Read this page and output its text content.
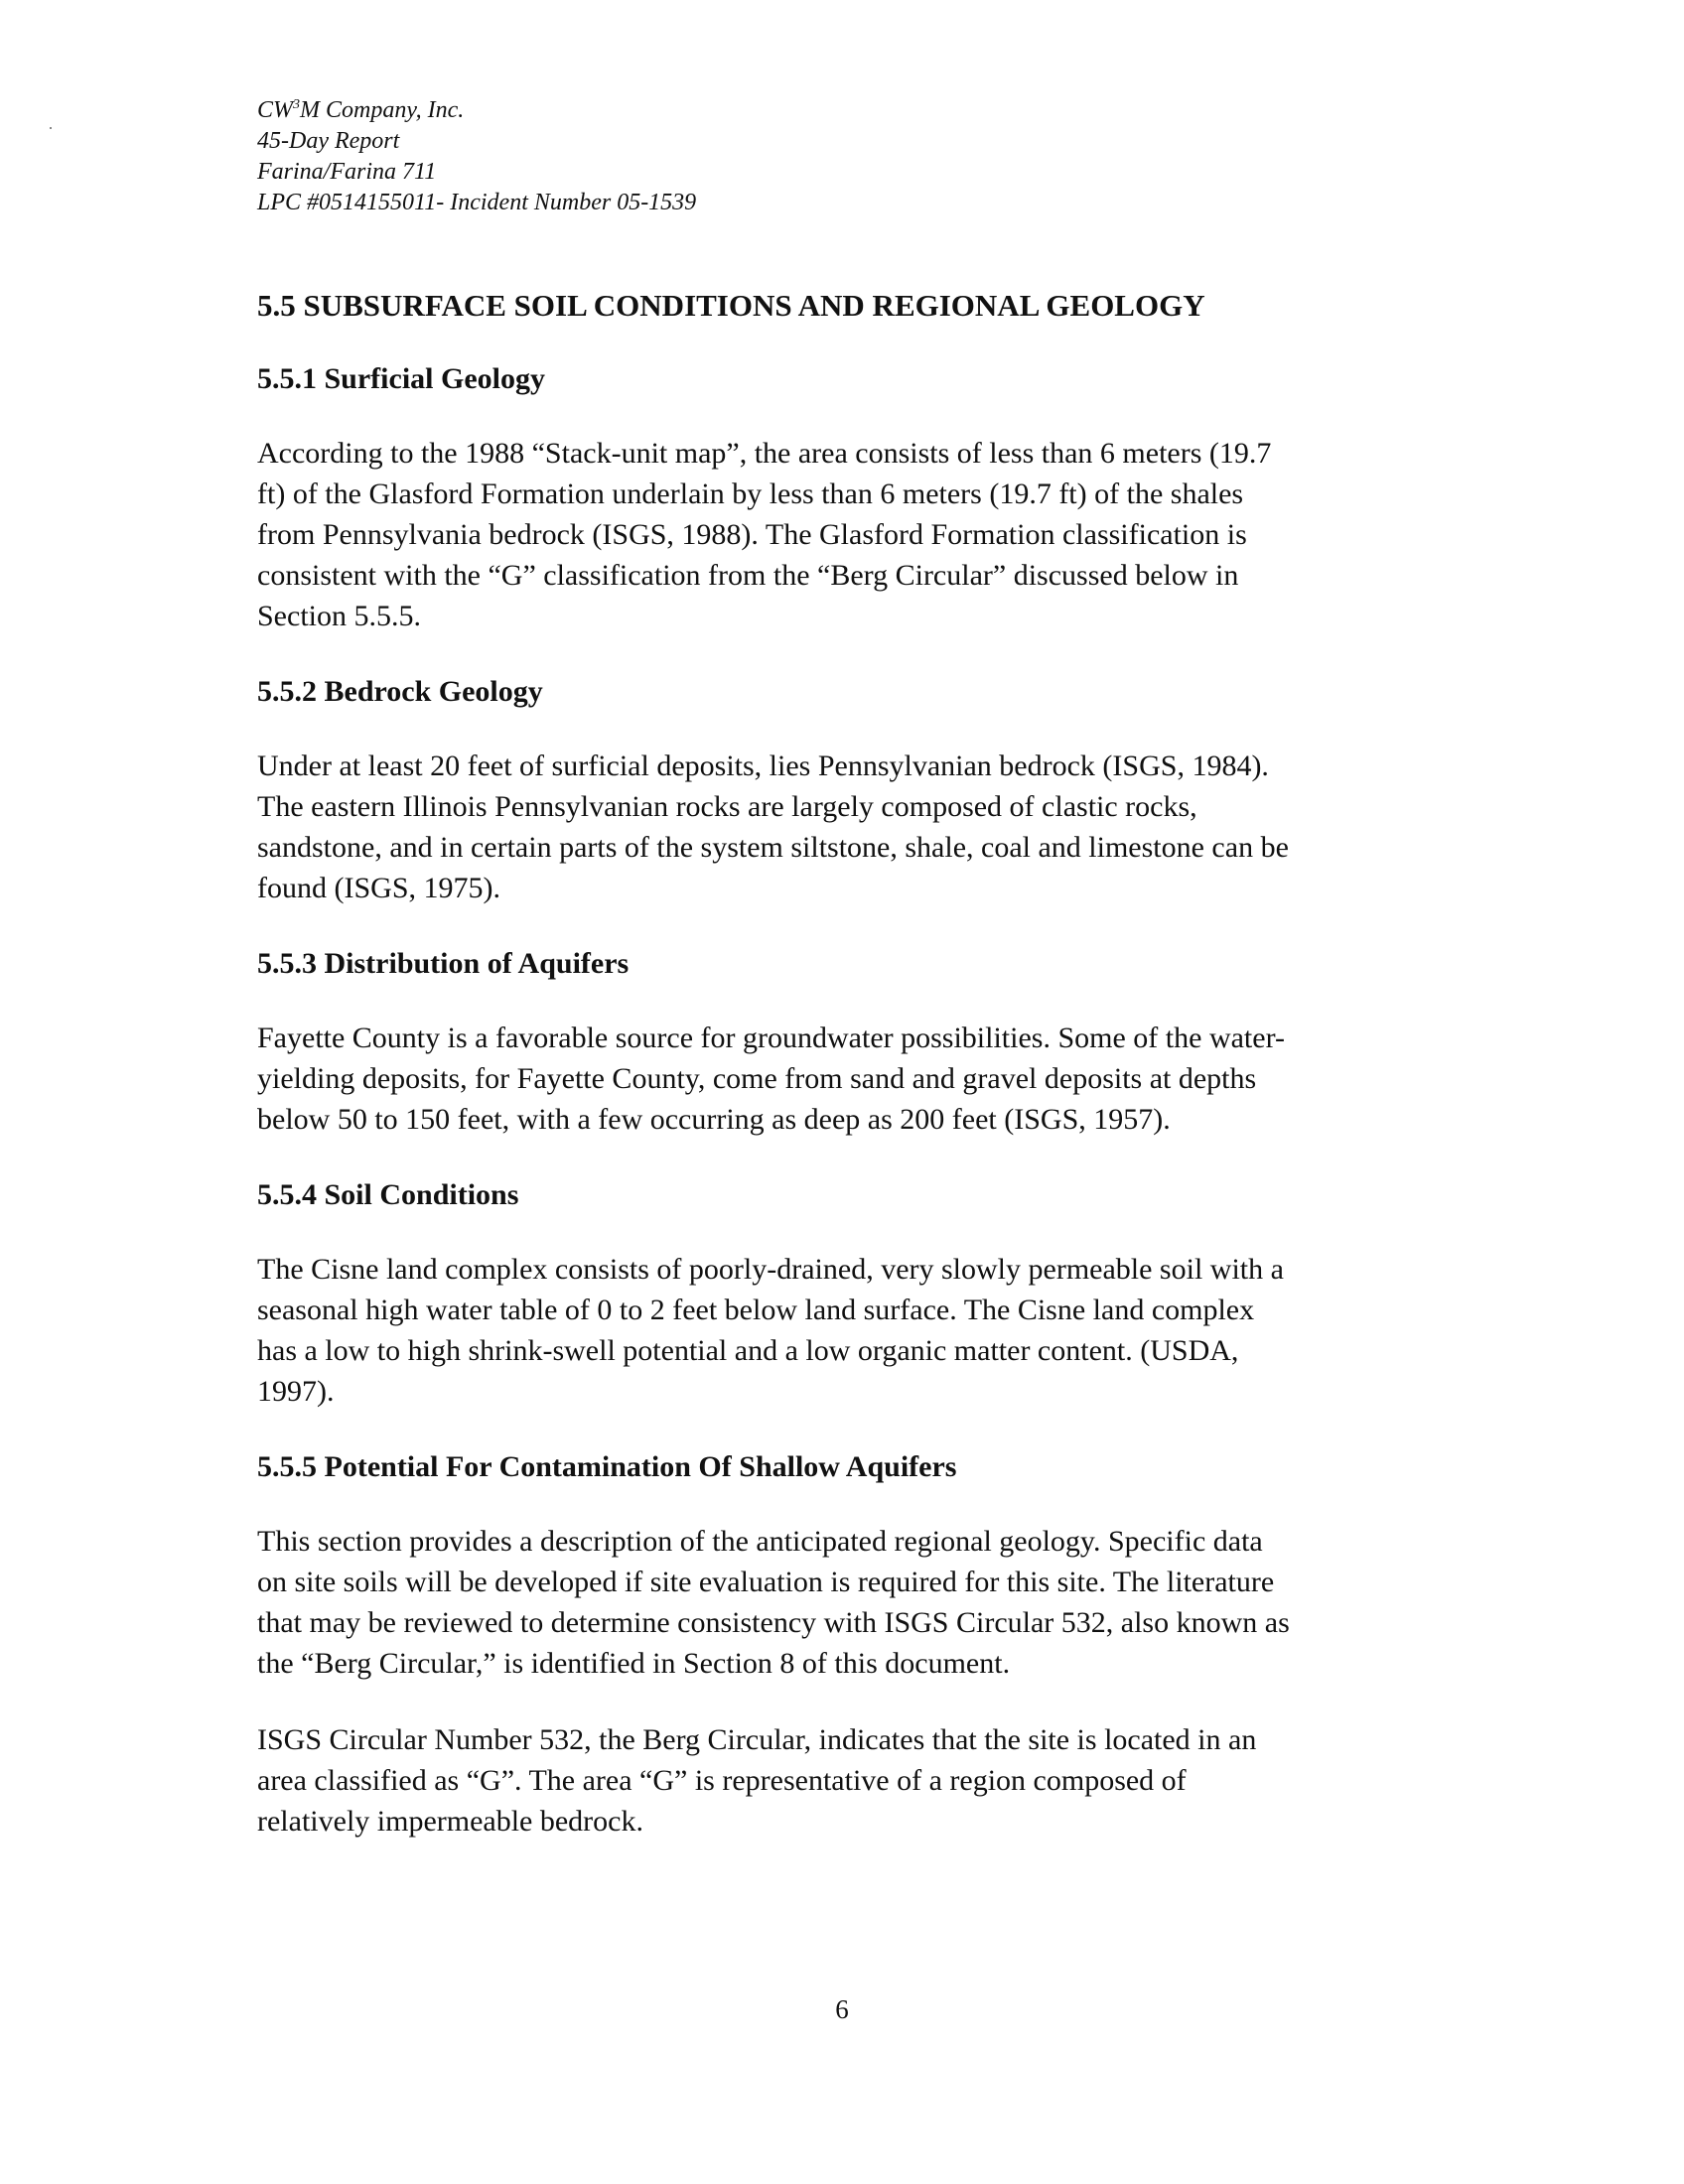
$CW^3M$ Company, Inc.
45-Day Report
Farina/Farina 711
LPC #0514155011- Incident Number 05-1539
5.5 SUBSURFACE SOIL CONDITIONS AND REGIONAL GEOLOGY
5.5.1 Surficial Geology
According to the 1988 “Stack-unit map”, the area consists of less than 6 meters (19.7
ft) of the Glasford Formation underlain by less than 6 meters (19.7 ft) of the shales
from Pennsylvania bedrock (ISGS, 1988). The Glasford Formation classification is
consistent with the “G” classification from the “Berg Circular” discussed below in
Section 5.5.5.
5.5.2 Bedrock Geology
Under at least 20 feet of surficial deposits, lies Pennsylvanian bedrock (ISGS, 1984).
The eastern Illinois Pennsylvanian rocks are largely composed of clastic rocks,
sandstone, and in certain parts of the system siltstone, shale, coal and limestone can be
found (ISGS, 1975).
5.5.3 Distribution of Aquifers
Fayette County is a favorable source for groundwater possibilities. Some of the water-
yielding deposits, for Fayette County, come from sand and gravel deposits at depths
below 50 to 150 feet, with a few occurring as deep as 200 feet (ISGS, 1957).
5.5.4 Soil Conditions
The Cisne land complex consists of poorly-drained, very slowly permeable soil with a
seasonal high water table of 0 to 2 feet below land surface. The Cisne land complex
has a low to high shrink-swell potential and a low organic matter content. (USDA,
1997).
5.5.5 Potential For Contamination Of Shallow Aquifers
This section provides a description of the anticipated regional geology. Specific data
on site soils will be developed if site evaluation is required for this site. The literature
that may be reviewed to determine consistency with ISGS Circular 532, also known as
the “Berg Circular,” is identified in Section 8 of this document.
ISGS Circular Number 532, the Berg Circular, indicates that the site is located in an
area classified as “G”. The area “G” is representative of a region composed of
relatively impermeable bedrock.
6
